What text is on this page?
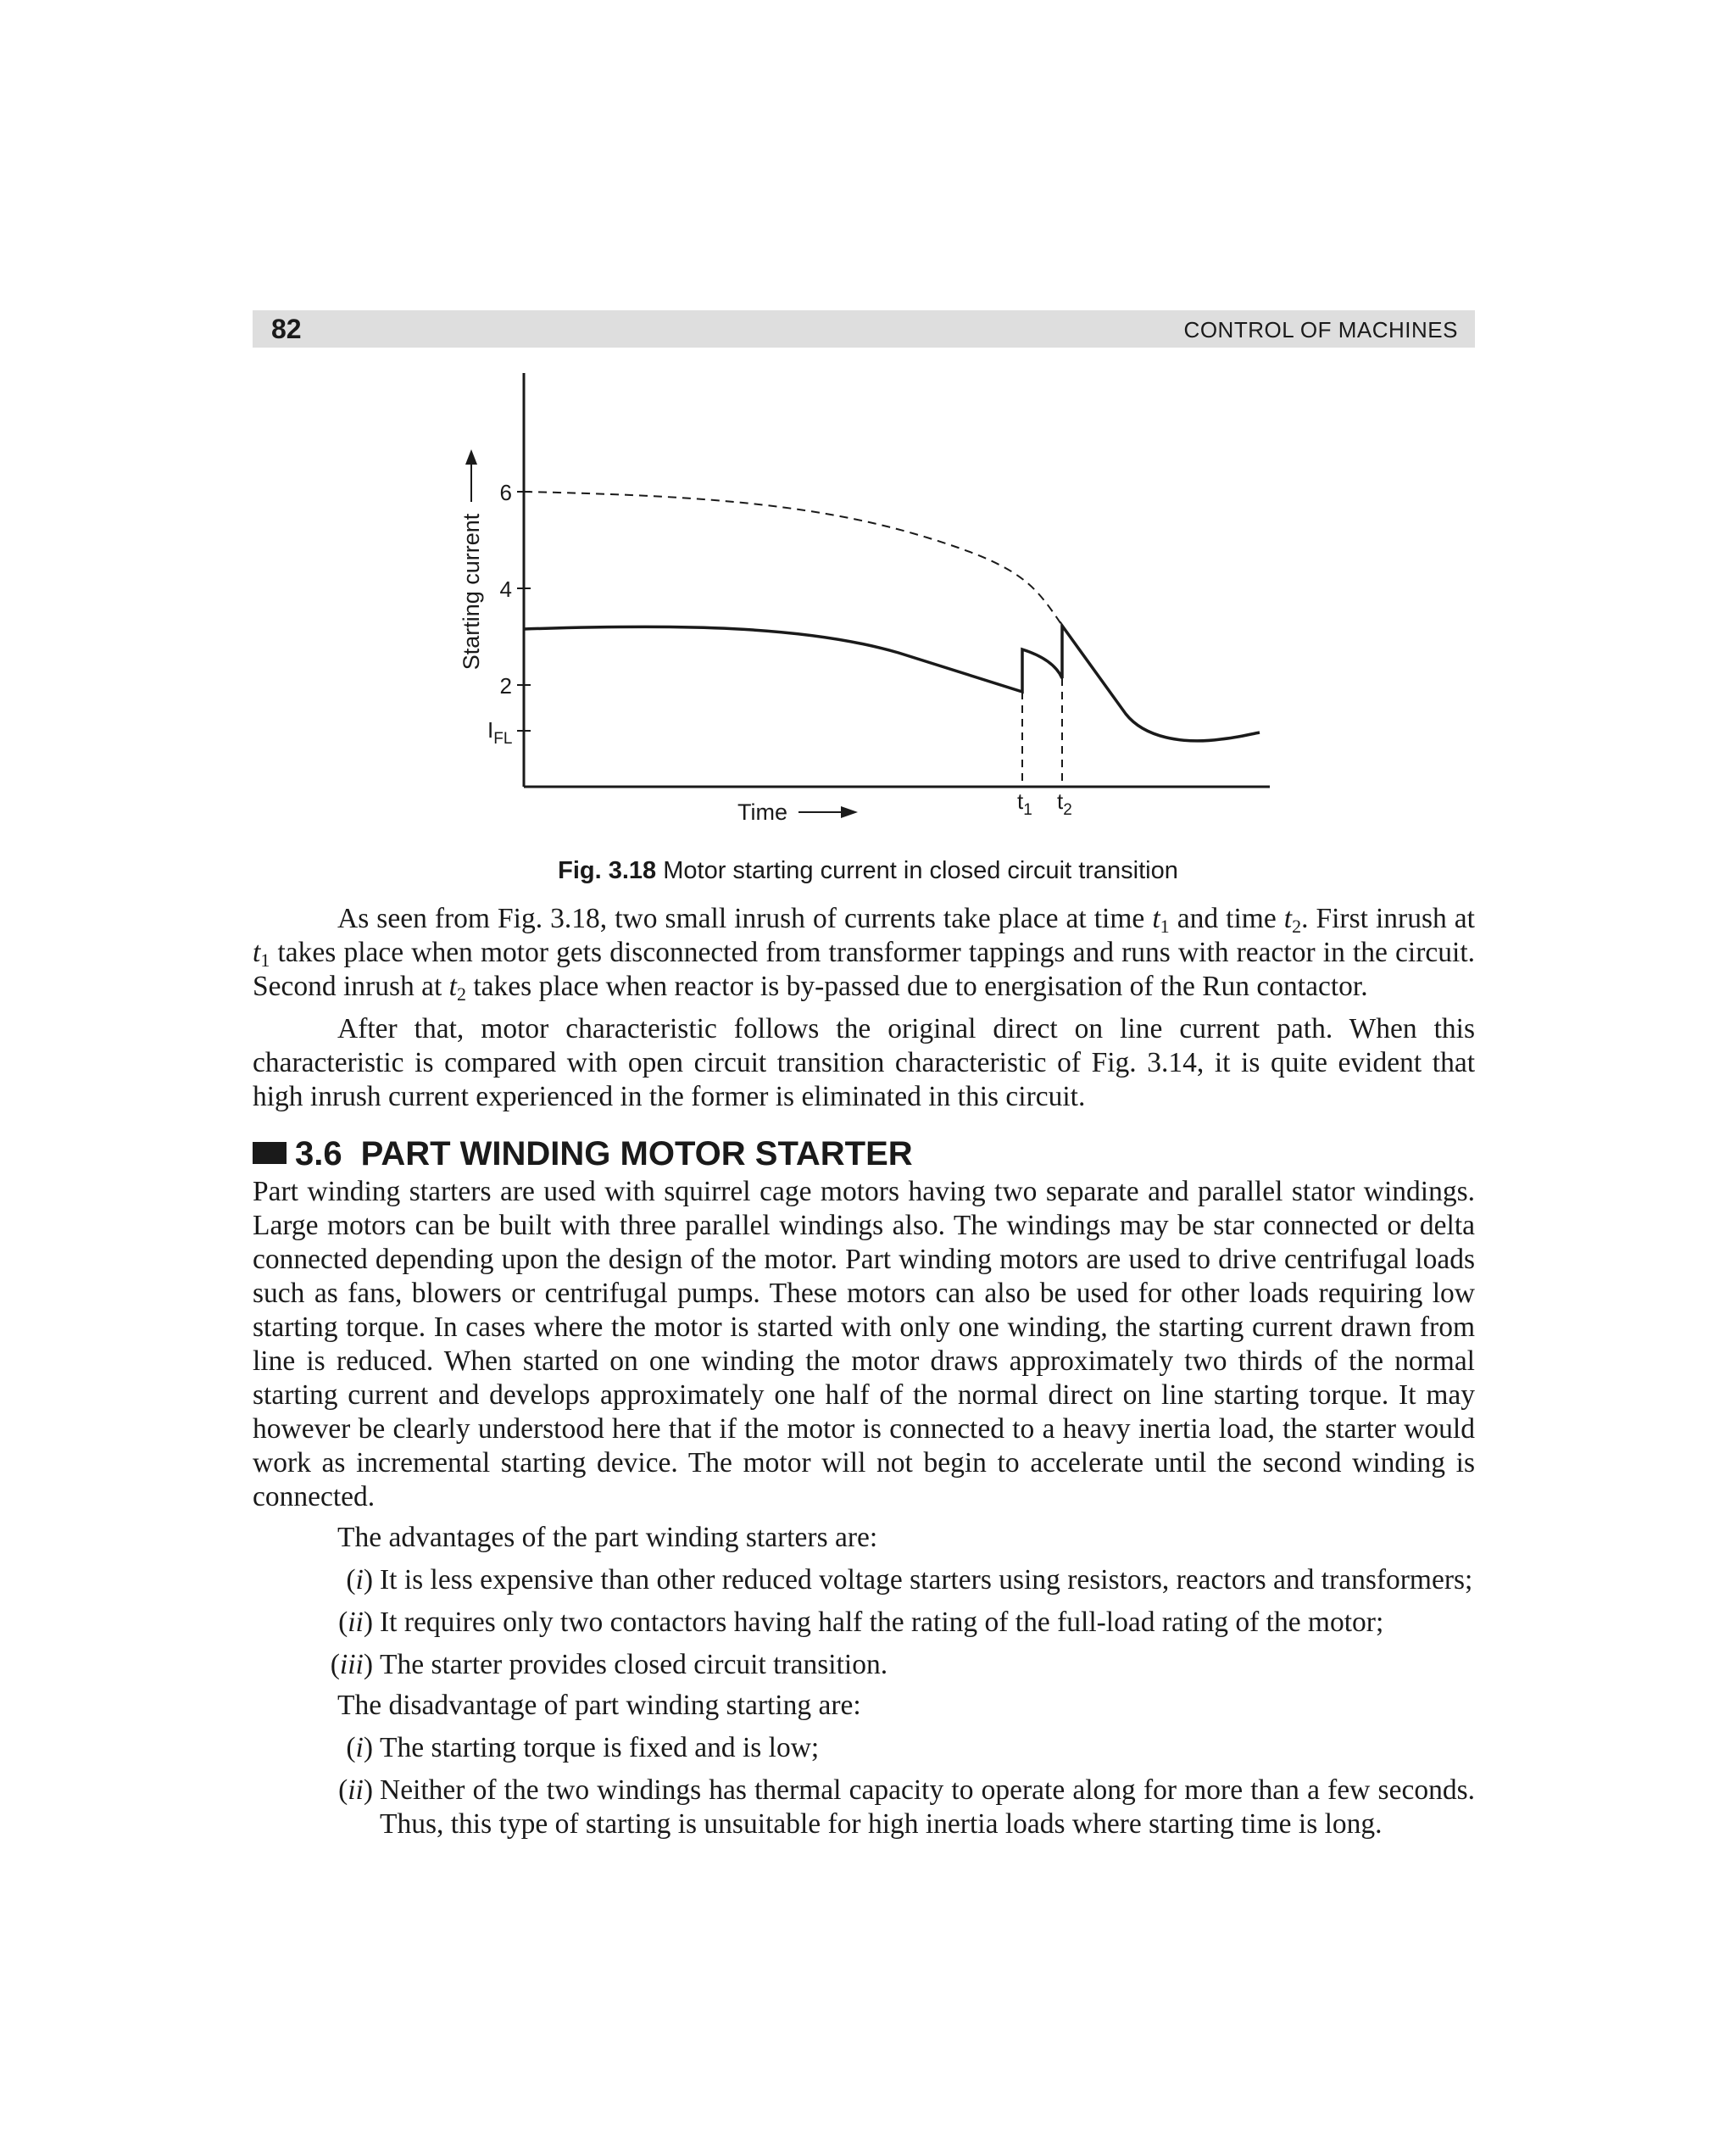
82	CONTROL OF MACHINES
6
4
2
$I_{FL}$
Starting current
Time	$t_1$ $t_2$
Fig. 3.18 Motor starting current in closed circuit transition

As seen from Fig. 3.18, two small inrush of currents take place at time $t_1$ and time $t_2$. First inrush at $t_1$ takes place when motor gets disconnected from transformer tappings and runs with reactor in the circuit. Second inrush at $t_2$ takes place when reactor is by-passed due to energisation of the Run contactor.

After that, motor characteristic follows the original direct on line current path. When this characteristic is compared with open circuit transition characteristic of Fig. 3.14, it is quite evident that high inrush current experienced in the former is eliminated in this circuit.

3.6 PART WINDING MOTOR STARTER

Part winding starters are used with squirrel cage motors having two separate and parallel stator windings. Large motors can be built with three parallel windings also. The windings may be star connected or delta connected depending upon the design of the motor. Part winding motors are used to drive centrifugal loads such as fans, blowers or centrifugal pumps. These motors can also be used for other loads requiring low starting torque. In cases where the motor is started with only one winding, the starting current drawn from line is reduced. When started on one winding the motor draws approximately two thirds of the normal starting current and develops approximately one half of the normal direct on line starting torque. It may however be clearly understood here that if the motor is connected to a heavy inertia load, the starter would work as incremental starting device. The motor will not begin to accelerate until the second winding is connected.

The advantages of the part winding starters are:

(i) It is less expensive than other reduced voltage starters using resistors, reactors and transformers;
(ii) It requires only two contactors having half the rating of the full-load rating of the motor;
(iii) The starter provides closed circuit transition.

The disadvantage of part winding starting are:

(i) The starting torque is fixed and is low;
(ii) Neither of the two windings has thermal capacity to operate along for more than a few seconds. Thus, this type of starting is unsuitable for high inertia loads where starting time is long.
